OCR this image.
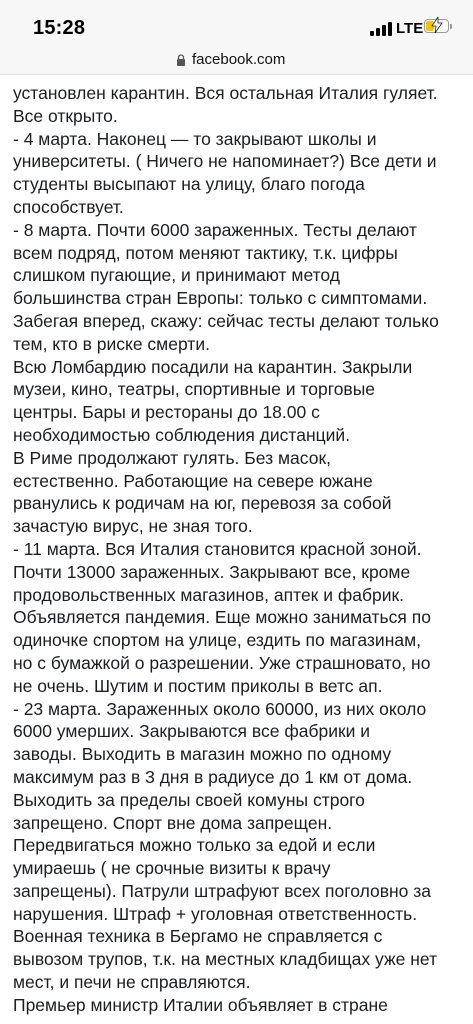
15:28	LTE
facebook.com

установлен карантин. Вся остальная Италия гуляет.

Все открыто.

- 4 марта. Наконец — то закрывают школы и

университеты. ( Ничего не напоминает?) Все дети и

студенты высыпают на улицу, благо погода

способствует.

- 8 марта. Почти 6000 зараженных. Тесты делают

всем подряд, потом меняют тактику, т.к. цифры

слишком пугающие, и принимают метод

большинства стран Европы: только с симптомами.

Забегая вперед, скажу: сейчас тесты делают только

тем, кто в риске смерти.

Всю Ломбардию посадили на карантин. Закрыли

музеи, кино, театры, спортивные и торговые

центры. Бары и рестораны до 18.00 с

необходимостью соблюдения дистанций.

В Риме продолжают гулять. Без масок,

естественно. Работающие на севере южане

рванулись к родичам на юг, перевозя за собой

зачастую вирус, не зная того.

- 11 марта. Вся Италия становится красной зоной.

Почти 13000 зараженных. Закрывают все, кроме

продовольственных магазинов, аптек и фабрик.

Объявляется пандемия. Еще можно заниматься по

одиночке спортом на улице, ездить по магазинам,

но с бумажкой о разрешении. Уже страшновато, но

не очень. Шутим и постим приколы в ветс ап.

- 23 марта. Зараженных около 60000, из них около

6000 умерших. Закрываются все фабрики и

заводы. Выходить в магазин можно по одному

максимум раз в 3 дня в радиусе до 1 км от дома.

Выходить за пределы своей комуны строго

запрещено. Спорт вне дома запрещен.

Передвигаться можно только за едой и если

умираешь ( не срочные визиты к врачу

запрещены). Патрули штрафуют всех поголовно за

нарушения. Штраф + уголовная ответственность.

Военная техника в Бергамо не справляется с

вывозом трупов, т.к. на местных кладбищах уже нет

мест, и печи не справляются.

Премьер министр Италии объявляет в стране
